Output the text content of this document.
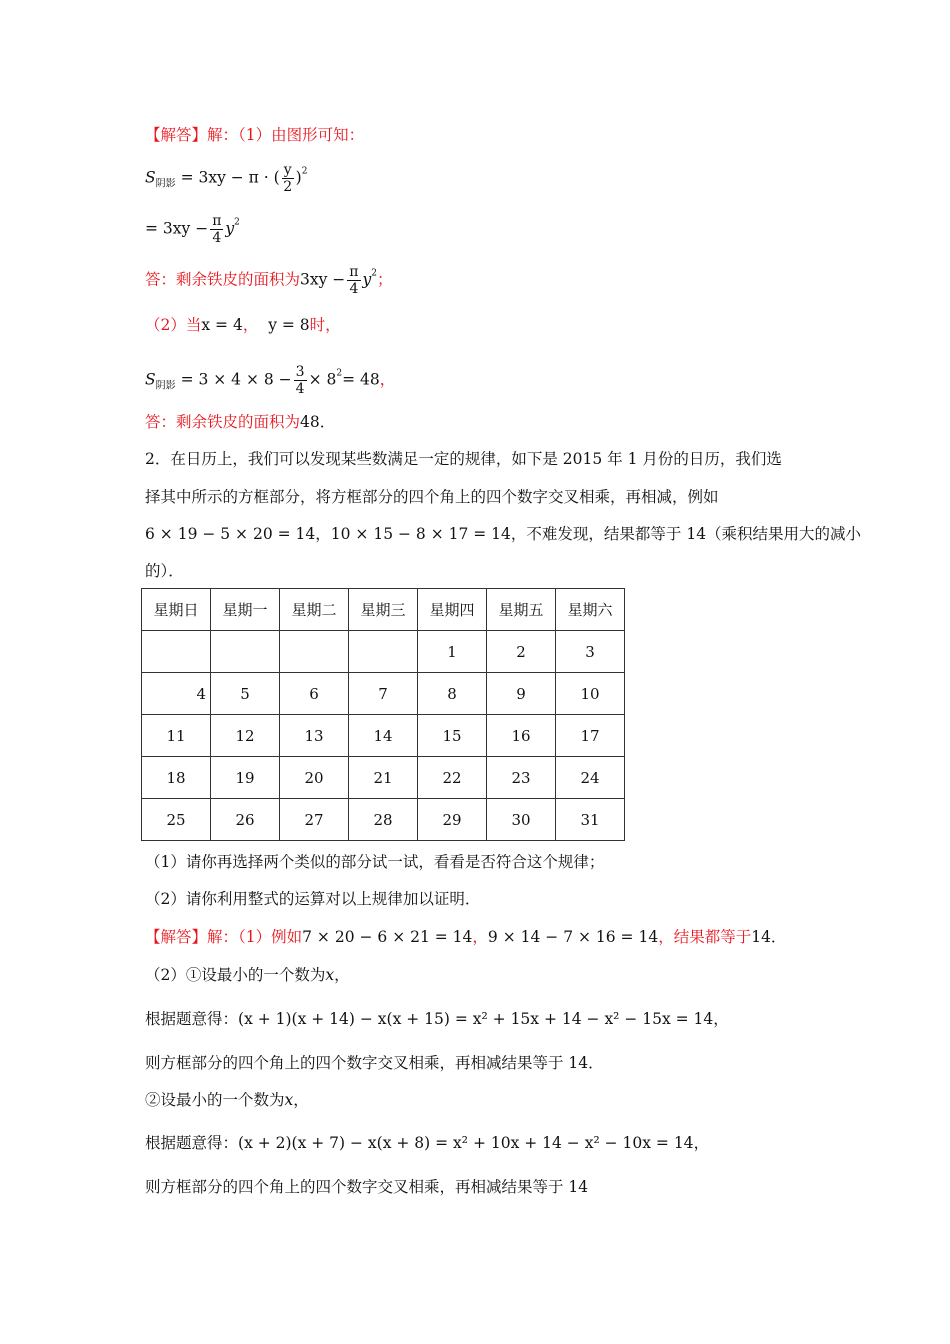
【解答】解：（1）由图形可知：
$S_{阴影} = 3xy - \pi$ · ( $\frac{y}{2} )^2$
= $3xy - \frac{\pi}{4} y^2$
答：剩余铁皮的面积为$3xy - \frac{\pi}{4} y^2$；
（2）当x = 4， y = 8时，
$S_{阴影} = 3 \times 4 \times 8 - \frac{3}{4} \times 8^2= 48$，
答：剩余铁皮的面积为48．
2．在日历上，我们可以发现某些数满足一定的规律，如下是 2015 年 1 月份的日历，我们选
择其中所示的方框部分，将方框部分的四个角上的四个数字交叉相乘，再相减，例如
6 × 19 − 5 × 20 = 14，10 × 15 − 8 × 17 = 14，不难发现，结果都等于 14（乘积结果用大的减小
的）．
星期日	星期一	星期二	星期三	星期四	星期五	星期六
				1	2	3
4	5	6	7	8	9	10
11	12	13	14	15	16	17
18	19	20	21	22	23	24
25	26	27	28	29	30	31
（1）请你再选择两个类似的部分试一试，看看是否符合这个规律；
（2）请你利用整式的运算对以上规律加以证明．
【解答】解：（1）例如7 × 20 − 6 × 21 = 14，9 × 14 − 7 × 16 = 14，结果都等于14．
（2）①设最小的一个数为x，
根据题意得：(x + 1)(x + 14) − x(x + 15) = x² + 15x + 14 − x² − 15x = 14，
则方框部分的四个角上的四个数字交叉相乘，再相减结果等于 14．
②设最小的一个数为x，
根据题意得：(x + 2)(x + 7) − x(x + 8) = x² + 10x + 14 − x² − 10x = 14，
则方框部分的四个角上的四个数字交叉相乘，再相减结果等于 14
